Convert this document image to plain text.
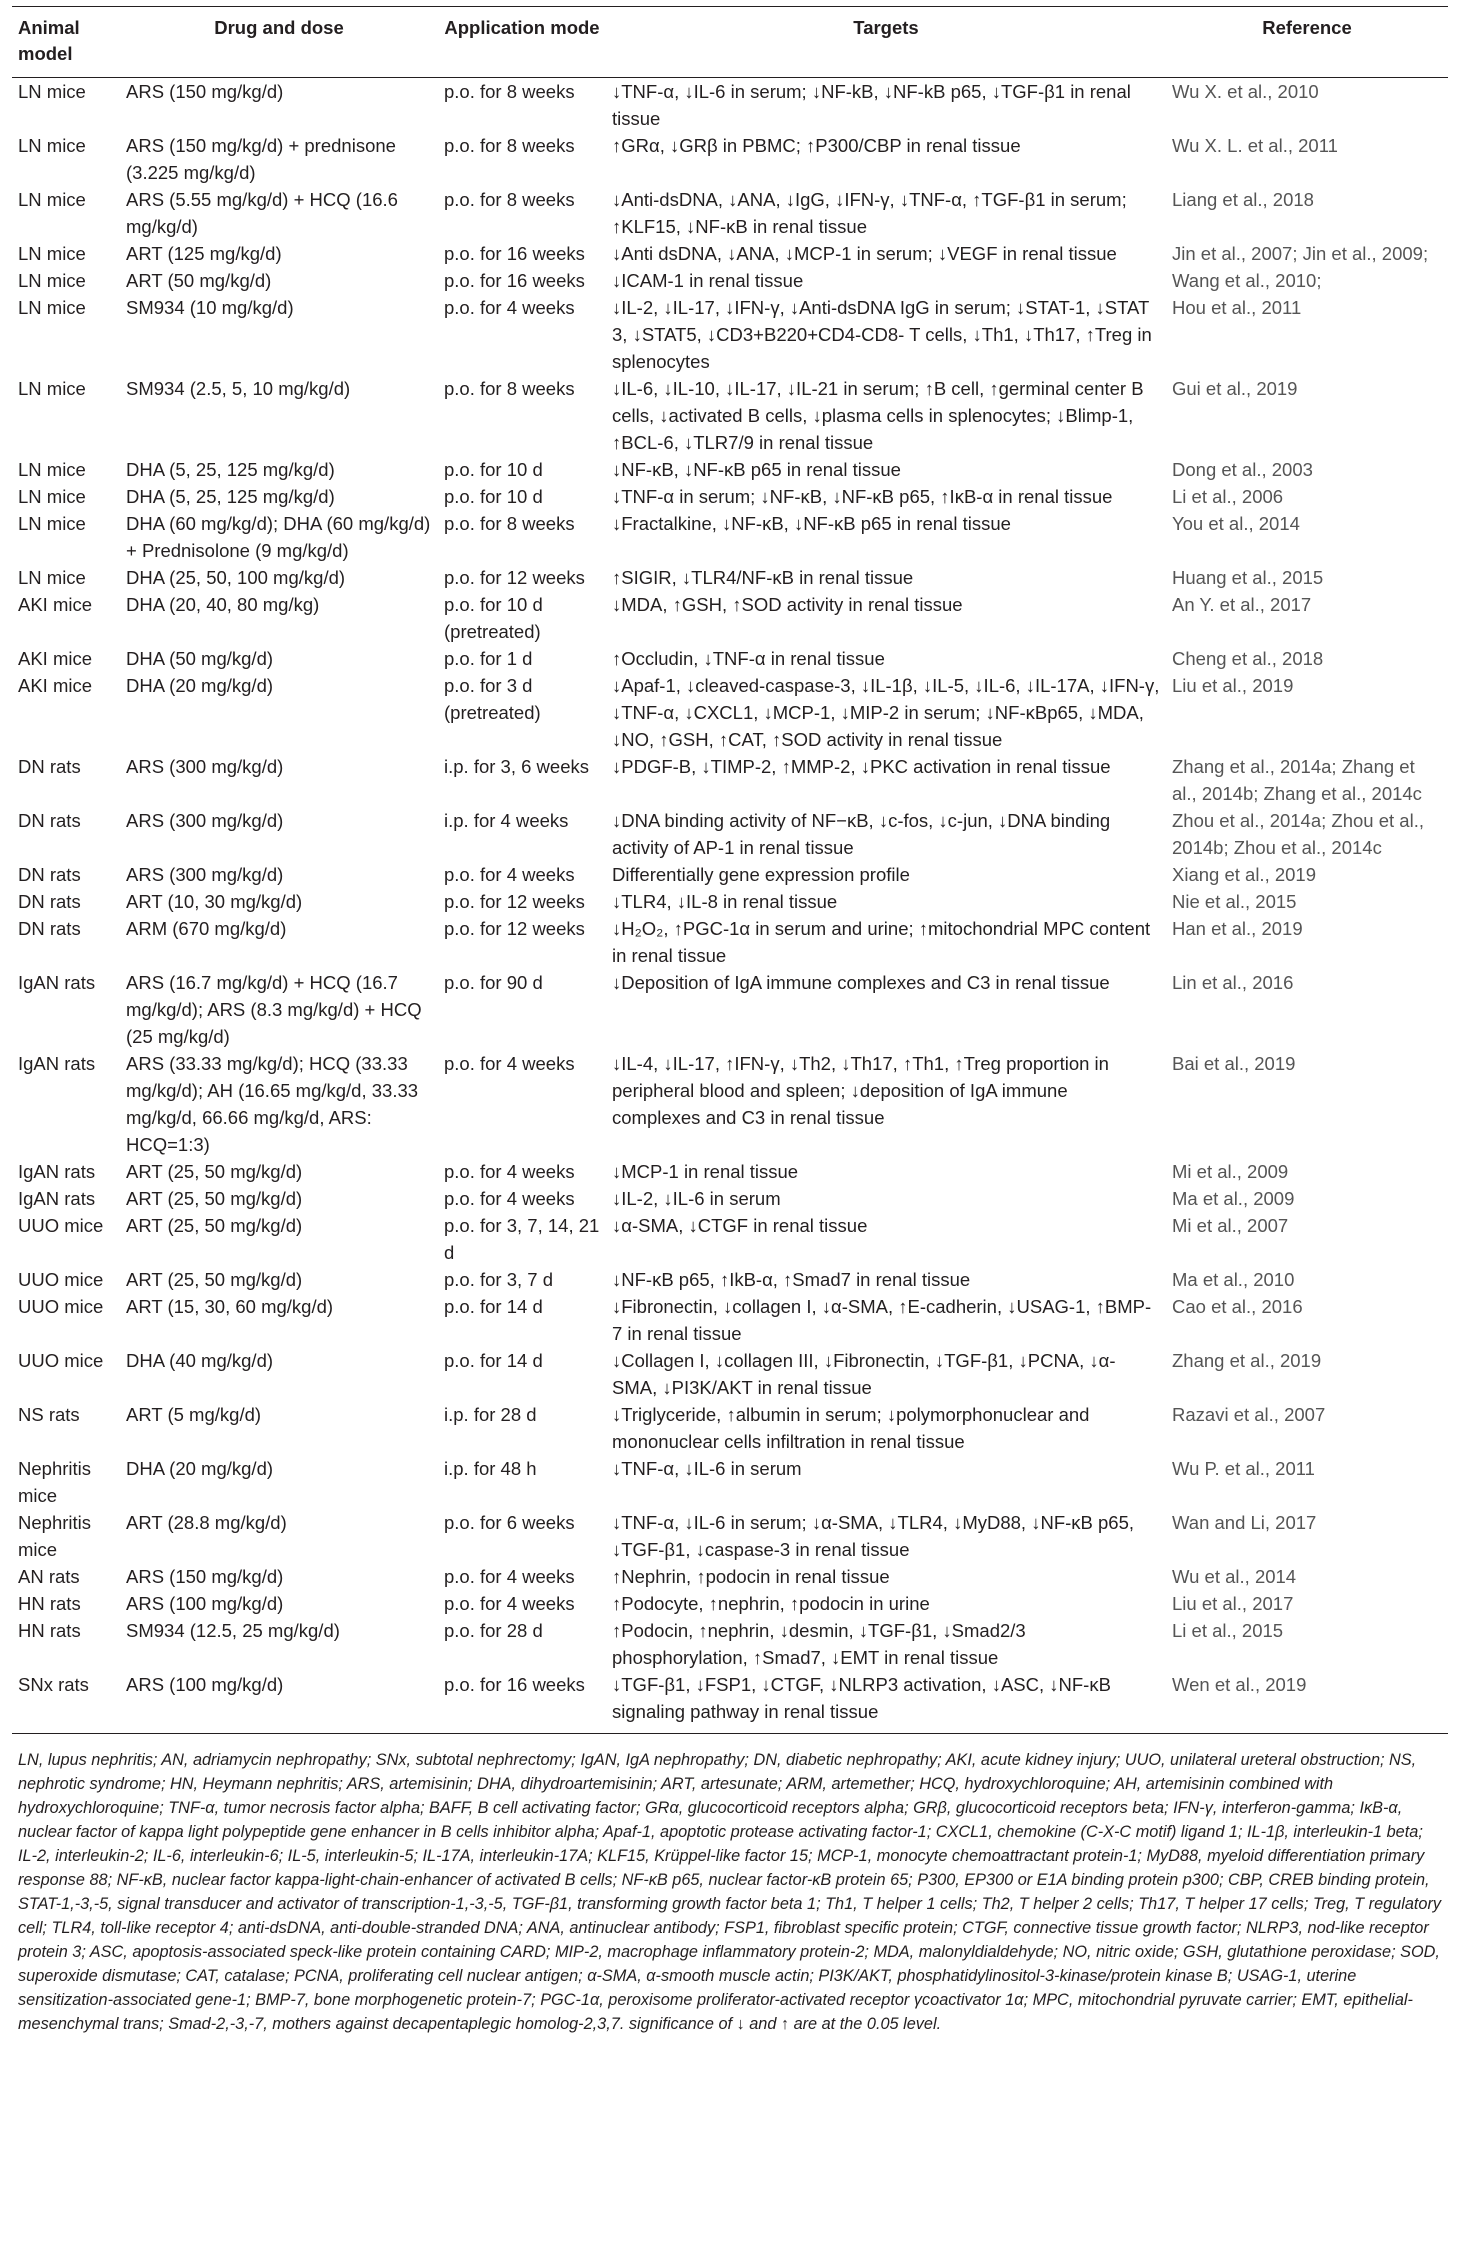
Animal model	Drug and dose	Application mode	Targets	Reference
LN mice	ARS (150 mg/kg/d)	p.o. for 8 weeks	↓TNF-α, ↓IL-6 in serum; ↓NF-kB, ↓NF-kB p65, ↓TGF-β1 in renal tissue	Wu X. et al., 2010
LN mice	ARS (150 mg/kg/d) + prednisone (3.225 mg/kg/d)	p.o. for 8 weeks	↑GRα, ↓GRβ in PBMC; ↑P300/CBP in renal tissue	Wu X. L. et al., 2011
LN mice	ARS (5.55 mg/kg/d) + HCQ (16.6 mg/kg/d)	p.o. for 8 weeks	↓Anti-dsDNA, ↓ANA, ↓IgG, ↓IFN-γ, ↓TNF-α, ↑TGF-β1 in serum; ↑KLF15, ↓NF-κB in renal tissue	Liang et al., 2018
LN mice	ART (125 mg/kg/d)	p.o. for 16 weeks	↓Anti dsDNA, ↓ANA, ↓MCP-1 in serum; ↓VEGF in renal tissue	Jin et al., 2007; Jin et al., 2009;
LN mice	ART (50 mg/kg/d)	p.o. for 16 weeks	↓ICAM-1 in renal tissue	Wang et al., 2010;
LN mice	SM934 (10 mg/kg/d)	p.o. for 4 weeks	↓IL-2, ↓IL-17, ↓IFN-γ, ↓Anti-dsDNA IgG in serum; ↓STAT-1, ↓STAT 3, ↓STAT5, ↓CD3+B220+CD4-CD8- T cells, ↓Th1, ↓Th17, ↑Treg in splenocytes	Hou et al., 2011
LN mice	SM934 (2.5, 5, 10 mg/kg/d)	p.o. for 8 weeks	↓IL-6, ↓IL-10, ↓IL-17, ↓IL-21 in serum; ↑B cell, ↑germinal center B cells, ↓activated B cells, ↓plasma cells in splenocytes; ↓Blimp-1, ↑BCL-6, ↓TLR7/9 in renal tissue	Gui et al., 2019
LN mice	DHA (5, 25, 125 mg/kg/d)	p.o. for 10 d	↓NF-κB, ↓NF-κB p65 in renal tissue	Dong et al., 2003
LN mice	DHA (5, 25, 125 mg/kg/d)	p.o. for 10 d	↓TNF-α in serum; ↓NF-κB, ↓NF-κB p65, ↑IκB-α in renal tissue	Li et al., 2006
LN mice	DHA (60 mg/kg/d); DHA (60 mg/kg/d) + Prednisolone (9 mg/kg/d)	p.o. for 8 weeks	↓Fractalkine, ↓NF-κB, ↓NF-κB p65 in renal tissue	You et al., 2014
LN mice	DHA (25, 50, 100 mg/kg/d)	p.o. for 12 weeks	↑SIGIR, ↓TLR4/NF-κB in renal tissue	Huang et al., 2015
AKI mice	DHA (20, 40, 80 mg/kg)	p.o. for 10 d (pretreated)	↓MDA, ↑GSH, ↑SOD activity in renal tissue	An Y. et al., 2017
AKI mice	DHA (50 mg/kg/d)	p.o. for 1 d	↑Occludin, ↓TNF-α in renal tissue	Cheng et al., 2018
AKI mice	DHA (20 mg/kg/d)	p.o. for 3 d (pretreated)	↓Apaf-1, ↓cleaved-caspase-3, ↓IL-1β, ↓IL-5, ↓IL-6, ↓IL-17A, ↓IFN-γ, ↓TNF-α, ↓CXCL1, ↓MCP-1, ↓MIP-2 in serum; ↓NF-κBp65, ↓MDA, ↓NO, ↑GSH, ↑CAT, ↑SOD activity in renal tissue	Liu et al., 2019
DN rats	ARS (300 mg/kg/d)	i.p. for 3, 6 weeks	↓PDGF-B, ↓TIMP-2, ↑MMP-2, ↓PKC activation in renal tissue	Zhang et al., 2014a; Zhang et al., 2014b; Zhang et al., 2014c
DN rats	ARS (300 mg/kg/d)	i.p. for 4 weeks	↓DNA binding activity of NF−κB, ↓c-fos, ↓c-jun, ↓DNA binding activity of AP-1 in renal tissue	Zhou et al., 2014a; Zhou et al., 2014b; Zhou et al., 2014c
DN rats	ARS (300 mg/kg/d)	p.o. for 4 weeks	Differentially gene expression profile	Xiang et al., 2019
DN rats	ART (10, 30 mg/kg/d)	p.o. for 12 weeks	↓TLR4, ↓IL-8 in renal tissue	Nie et al., 2015
DN rats	ARM (670 mg/kg/d)	p.o. for 12 weeks	↓H₂O₂, ↑PGC-1α in serum and urine; ↑mitochondrial MPC content in renal tissue	Han et al., 2019
IgAN rats	ARS (16.7 mg/kg/d) + HCQ (16.7 mg/kg/d); ARS (8.3 mg/kg/d) + HCQ (25 mg/kg/d)	p.o. for 90 d	↓Deposition of IgA immune complexes and C3 in renal tissue	Lin et al., 2016
IgAN rats	ARS (33.33 mg/kg/d); HCQ (33.33 mg/kg/d); AH (16.65 mg/kg/d, 33.33 mg/kg/d, 66.66 mg/kg/d, ARS: HCQ=1:3)	p.o. for 4 weeks	↓IL-4, ↓IL-17, ↑IFN-γ, ↓Th2, ↓Th17, ↑Th1, ↑Treg proportion in peripheral blood and spleen; ↓deposition of IgA immune complexes and C3 in renal tissue	Bai et al., 2019
IgAN rats	ART (25, 50 mg/kg/d)	p.o. for 4 weeks	↓MCP-1 in renal tissue	Mi et al., 2009
IgAN rats	ART (25, 50 mg/kg/d)	p.o. for 4 weeks	↓IL-2, ↓IL-6 in serum	Ma et al., 2009
UUO mice	ART (25, 50 mg/kg/d)	p.o. for 3, 7, 14, 21 d	↓α-SMA, ↓CTGF in renal tissue	Mi et al., 2007
UUO mice	ART (25, 50 mg/kg/d)	p.o. for 3, 7 d	↓NF-κB p65, ↑IkB-α, ↑Smad7 in renal tissue	Ma et al., 2010
UUO mice	ART (15, 30, 60 mg/kg/d)	p.o. for 14 d	↓Fibronectin, ↓collagen I, ↓α-SMA, ↑E-cadherin, ↓USAG-1, ↑BMP-7 in renal tissue	Cao et al., 2016
UUO mice	DHA (40 mg/kg/d)	p.o. for 14 d	↓Collagen I, ↓collagen III, ↓Fibronectin, ↓TGF-β1, ↓PCNA, ↓α-SMA, ↓PI3K/AKT in renal tissue	Zhang et al., 2019
NS rats	ART (5 mg/kg/d)	i.p. for 28 d	↓Triglyceride, ↑albumin in serum; ↓polymorphonuclear and mononuclear cells infiltration in renal tissue	Razavi et al., 2007
Nephritis mice	DHA (20 mg/kg/d)	i.p. for 48 h	↓TNF-α, ↓IL-6 in serum	Wu P. et al., 2011
Nephritis mice	ART (28.8 mg/kg/d)	p.o. for 6 weeks	↓TNF-α, ↓IL-6 in serum; ↓α-SMA, ↓TLR4, ↓MyD88, ↓NF-κB p65, ↓TGF-β1, ↓caspase-3 in renal tissue	Wan and Li, 2017
AN rats	ARS (150 mg/kg/d)	p.o. for 4 weeks	↑Nephrin, ↑podocin in renal tissue	Wu et al., 2014
HN rats	ARS (100 mg/kg/d)	p.o. for 4 weeks	↑Podocyte, ↑nephrin, ↑podocin in urine	Liu et al., 2017
HN rats	SM934 (12.5, 25 mg/kg/d)	p.o. for 28 d	↑Podocin, ↑nephrin, ↓desmin, ↓TGF-β1, ↓Smad2/3 phosphorylation, ↑Smad7, ↓EMT in renal tissue	Li et al., 2015
SNx rats	ARS (100 mg/kg/d)	p.o. for 16 weeks	↓TGF-β1, ↓FSP1, ↓CTGF, ↓NLRP3 activation, ↓ASC, ↓NF-κB signaling pathway in renal tissue	Wen et al., 2019
LN, lupus nephritis; AN, adriamycin nephropathy; SNx, subtotal nephrectomy; IgAN, IgA nephropathy; DN, diabetic nephropathy; AKI, acute kidney injury; UUO, unilateral ureteral obstruction; NS, nephrotic syndrome; HN, Heymann nephritis; ARS, artemisinin; DHA, dihydroartemisinin; ART, artesunate; ARM, artemether; HCQ, hydroxychloroquine; AH, artemisinin combined with hydroxychloroquine; TNF-α, tumor necrosis factor alpha; BAFF, B cell activating factor; GRα, glucocorticoid receptors alpha; GRβ, glucocorticoid receptors beta; IFN-γ, interferon-gamma; IκB-α, nuclear factor of kappa light polypeptide gene enhancer in B cells inhibitor alpha; Apaf-1, apoptotic protease activating factor-1; CXCL1, chemokine (C-X-C motif) ligand 1; IL-1β, interleukin-1 beta; IL-2, interleukin-2; IL-6, interleukin-6; IL-5, interleukin-5; IL-17A, interleukin-17A; KLF15, Krüppel-like factor 15; MCP-1, monocyte chemoattractant protein-1; MyD88, myeloid differentiation primary response 88; NF-κB, nuclear factor kappa-light-chain-enhancer of activated B cells; NF-κB p65, nuclear factor-κB protein 65; P300, EP300 or E1A binding protein p300; CBP, CREB binding protein, STAT-1,-3,-5, signal transducer and activator of transcription-1,-3,-5, TGF-β1, transforming growth factor beta 1; Th1, T helper 1 cells; Th2, T helper 2 cells; Th17, T helper 17 cells; Treg, T regulatory cell; TLR4, toll-like receptor 4; anti-dsDNA, anti-double-stranded DNA; ANA, antinuclear antibody; FSP1, fibroblast specific protein; CTGF, connective tissue growth factor; NLRP3, nod-like receptor protein 3; ASC, apoptosis-associated speck-like protein containing CARD; MIP-2, macrophage inflammatory protein-2; MDA, malonyldialdehyde; NO, nitric oxide; GSH, glutathione peroxidase; SOD, superoxide dismutase; CAT, catalase; PCNA, proliferating cell nuclear antigen; α-SMA, α-smooth muscle actin; PI3K/AKT, phosphatidylinositol-3-kinase/protein kinase B; USAG-1, uterine sensitization-associated gene-1; BMP-7, bone morphogenetic protein-7; PGC-1α, peroxisome proliferator-activated receptor γcoactivator 1α; MPC, mitochondrial pyruvate carrier; EMT, epithelial-mesenchymal trans; Smad-2,-3,-7, mothers against decapentaplegic homolog-2,3,7. significance of ↓ and ↑ are at the 0.05 level.
